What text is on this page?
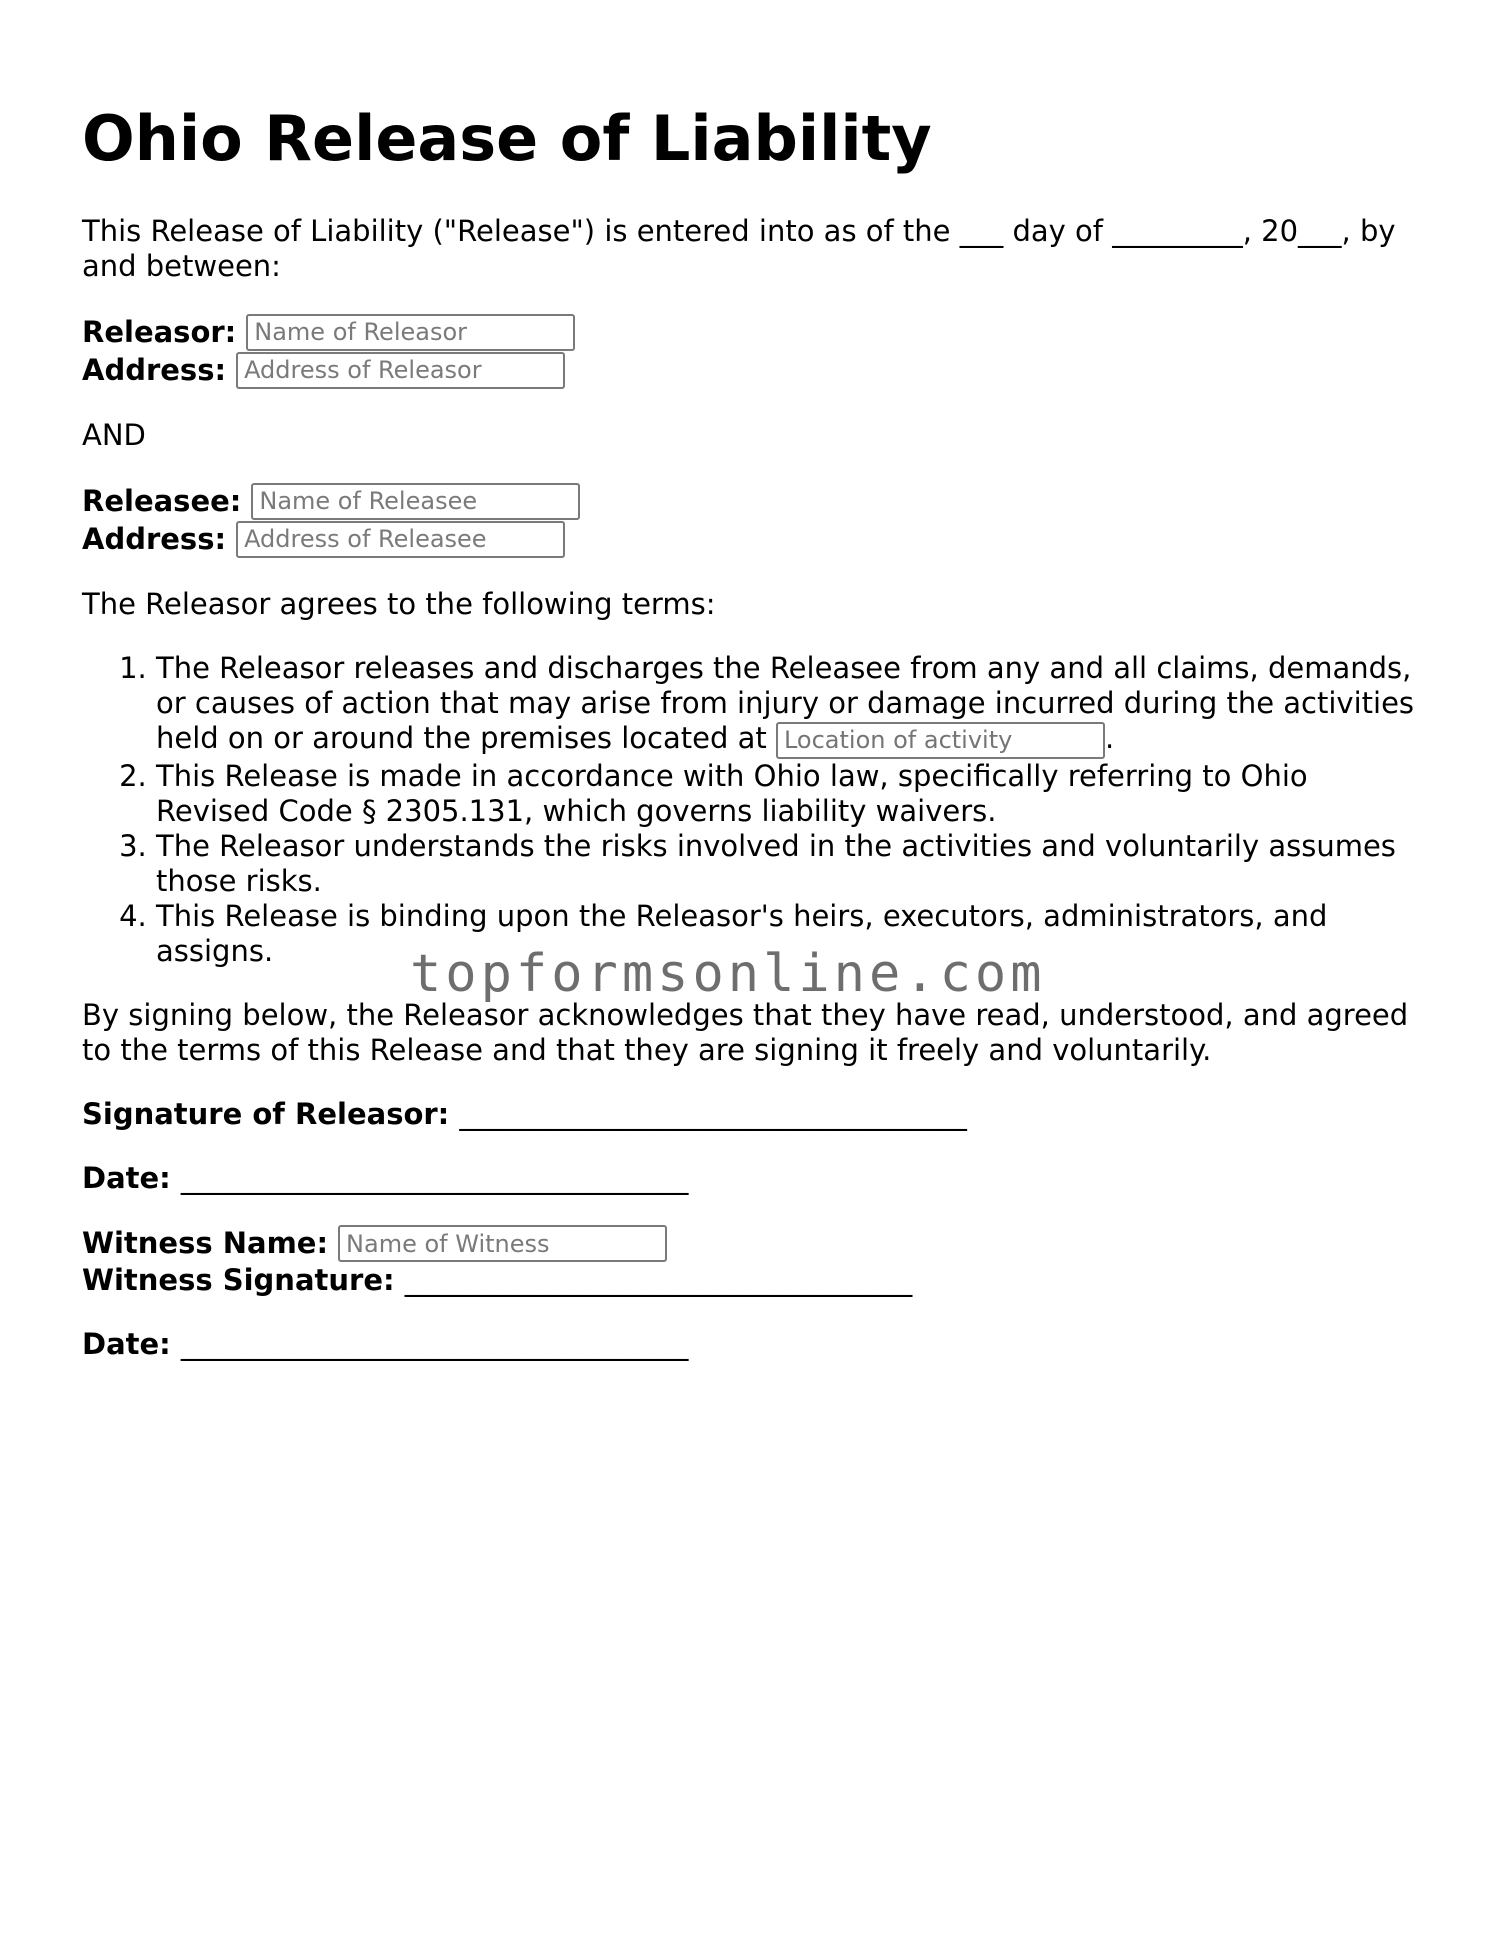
Ohio Release of Liability

This Release of Liability ("Release") is entered into as of the ___ day of _________, 20___, by and between:

Releasor:
Name of Releasor
Address:
Address of Releasor

AND

Releasee:
Name of Releasee
Address:
Address of Releasee

The Releasor agrees to the following terms:

1. The Releasor releases and discharges the Releasee from any and all claims, demands, or causes of action that may arise from injury or damage incurred during the activities held on or around the premises located at Location of activity	.
2. This Release is made in accordance with Ohio law, specifically referring to Ohio Revised Code § 2305.131, which governs liability waivers.
3. The Releasor understands the risks involved in the activities and voluntarily assumes those risks.
4. This Release is binding upon the Releasor's heirs, executors, administrators, and assigns.

By signing below, the Releasor acknowledges that they have read, understood, and agreed to the terms of this Release and that they are signing it freely and voluntarily.

Signature of Releasor: ___________________________________

Date: ___________________________________

Witness Name:
Name of Witness

Witness Signature: ___________________________________

Date: ___________________________________

topformsonline.com
